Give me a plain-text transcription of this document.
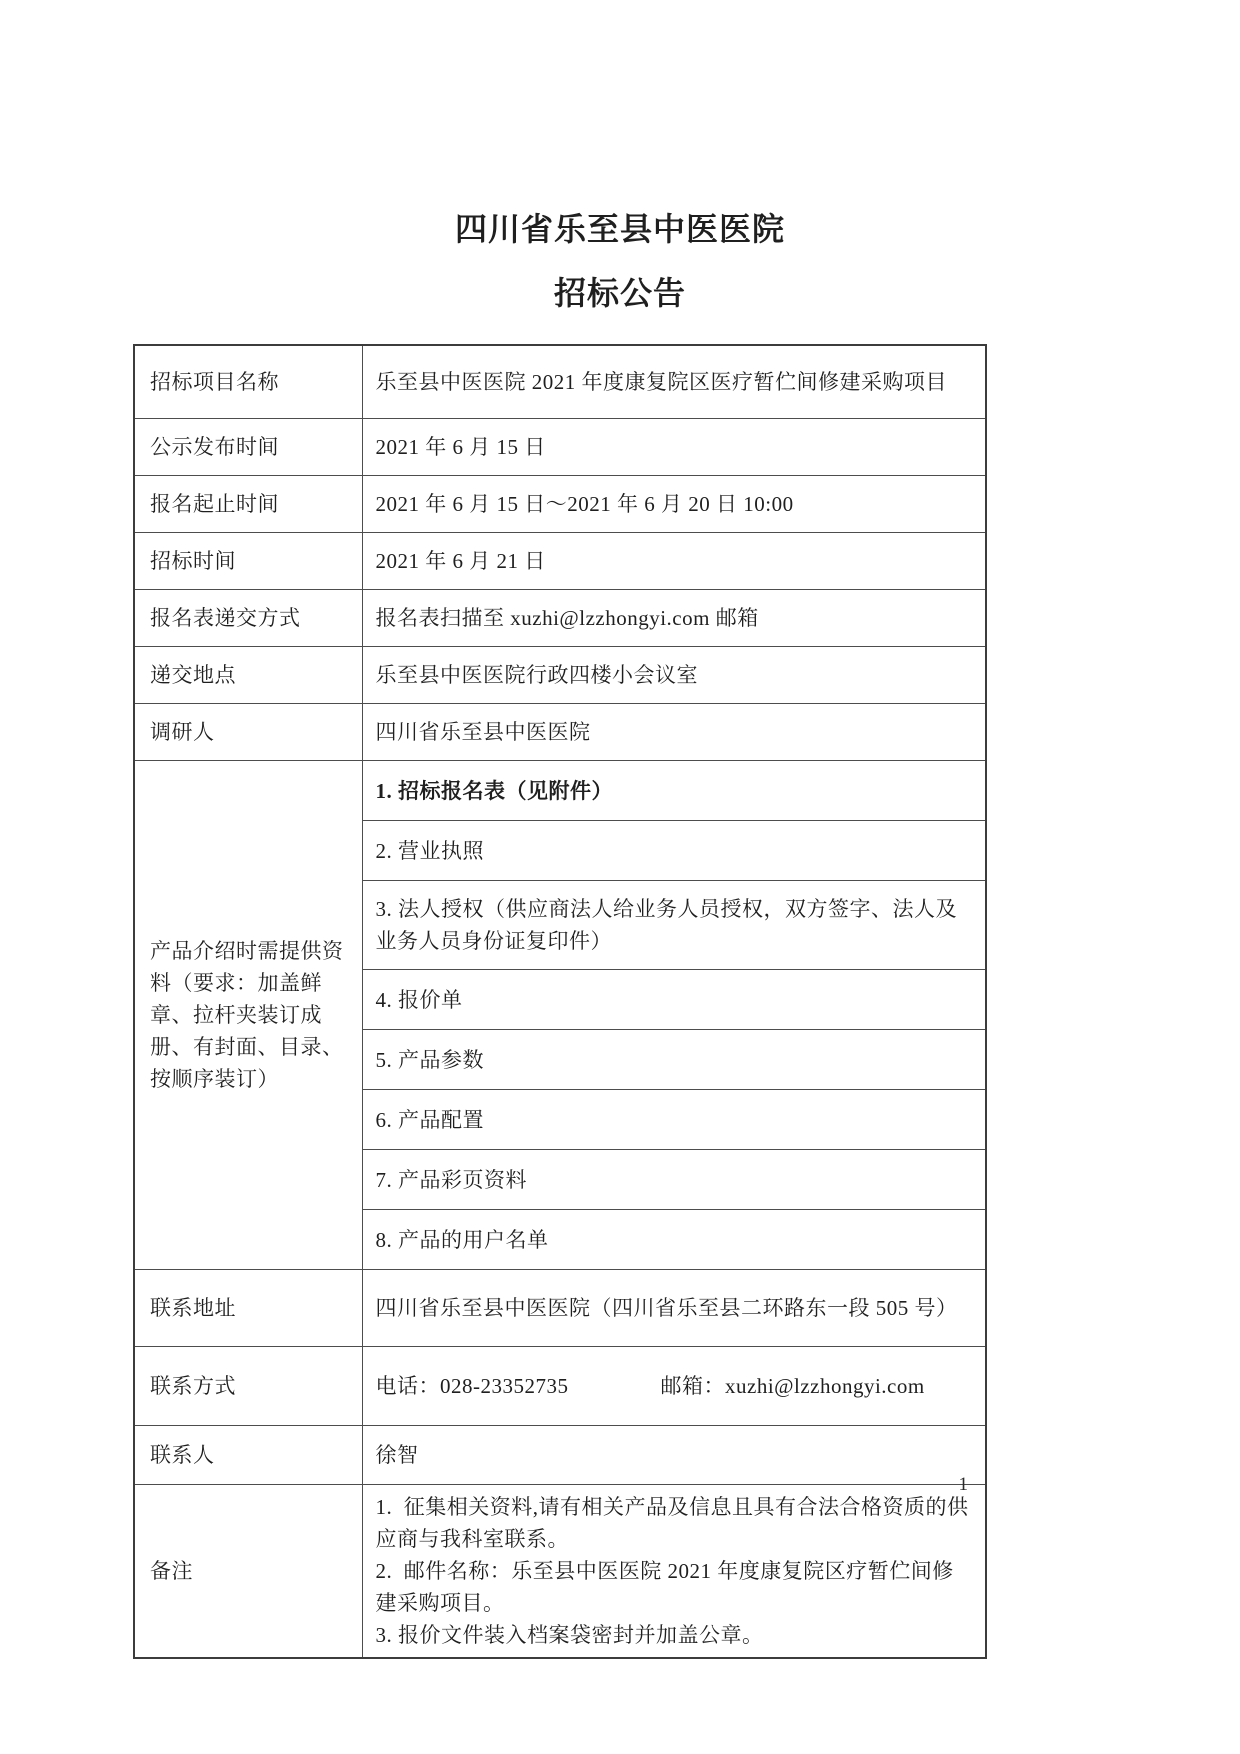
四川省乐至县中医医院
招标公告
招标项目名称	乐至县中医医院 2021 年度康复院区医疗暂伫间修建采购项目
公示发布时间	2021 年 6 月 15 日
报名起止时间	2021 年 6 月 15 日～2021 年 6 月 20 日 10:00
招标时间	2021 年 6 月 21 日
报名表递交方式	报名表扫描至 xuzhi@lzzhongyi.com 邮箱
递交地点	乐至县中医医院行政四楼小会议室
调研人	四川省乐至县中医医院
产品介绍时需提供资料（要求：加盖鲜章、拉杆夹装订成册、有封面、目录、按顺序装订）	1. 招标报名表（见附件）
	2. 营业执照
	3. 法人授权（供应商法人给业务人员授权，双方签字、法人及业务人员身份证复印件）
	4. 报价单
	5. 产品参数
	6. 产品配置
	7. 产品彩页资料
	8. 产品的用户名单
联系地址	四川省乐至县中医医院（四川省乐至县二环路东一段 505 号）
联系方式	电话：028-23352735 邮箱：xuzhi@lzzhongyi.com
联系人	徐智
备注	1.  征集相关资料,请有相关产品及信息且具有合法合格资质的供应商与我科室联系。
2.  邮件名称：乐至县中医医院 2021 年度康复院区疗暂伫间修建采购项目。
3. 报价文件装入档案袋密封并加盖公章。
1
